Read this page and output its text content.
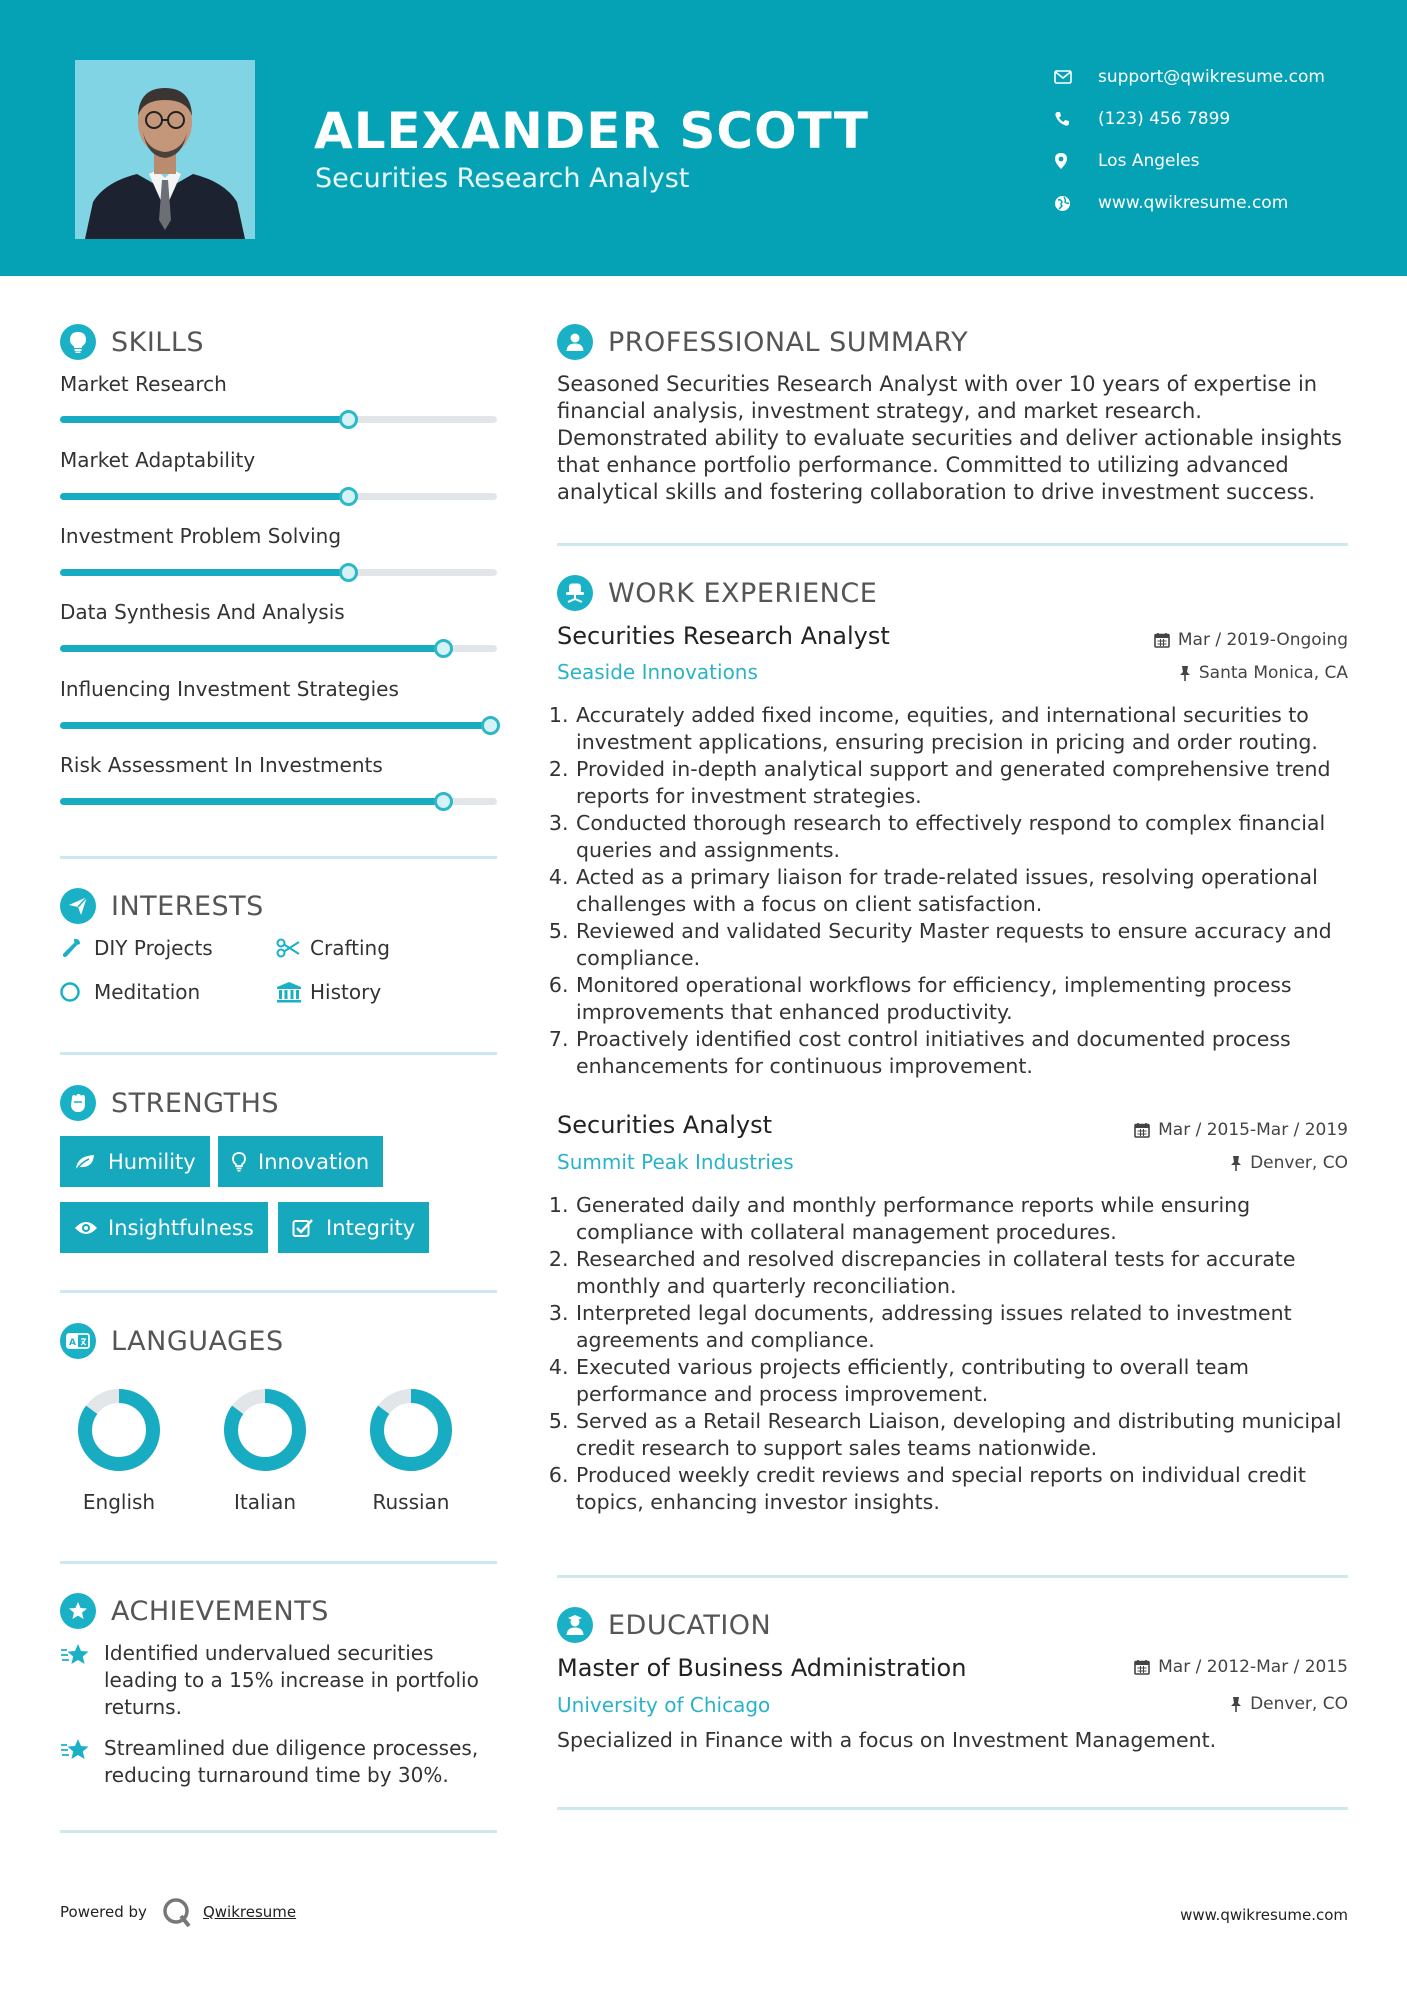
ALEXANDER SCOTT
Securities Research Analyst
support@qwikresume.com
(123) 456 7899
Los Angeles
www.qwikresume.com
SKILLS
Market Research
Market Adaptability
Investment Problem Solving
Data Synthesis And Analysis
Influencing Investment Strategies
Risk Assessment In Investments
INTERESTS
DIY Projects	Crafting
Meditation	History
STRENGTHS
Humility	Innovation
Insightfulness	Integrity
A LANGUAGES
English	Italian	Russian
ACHIEVEMENTS
Identified undervalued securities leading to a 15% increase in portfolio returns.
Streamlined due diligence processes, reducing turnaround time by 30%.
PROFESSIONAL SUMMARY
Seasoned Securities Research Analyst with over 10 years of expertise in financial analysis, investment strategy, and market research. Demonstrated ability to evaluate securities and deliver actionable insights that enhance portfolio performance. Committed to utilizing advanced analytical skills and fostering collaboration to drive investment success.
WORK EXPERIENCE
Securities Research Analyst	Mar / 2019-Ongoing
Seaside Innovations	Santa Monica, CA
1. Accurately added fixed income, equities, and international securities to investment applications, ensuring precision in pricing and order routing.
2. Provided in-depth analytical support and generated comprehensive trend reports for investment strategies.
3. Conducted thorough research to effectively respond to complex financial queries and assignments.
4. Acted as a primary liaison for trade-related issues, resolving operational challenges with a focus on client satisfaction.
5. Reviewed and validated Security Master requests to ensure accuracy and compliance.
6. Monitored operational workflows for efficiency, implementing process improvements that enhanced productivity.
7. Proactively identified cost control initiatives and documented process enhancements for continuous improvement.
Securities Analyst	Mar / 2015-Mar / 2019
Summit Peak Industries	Denver, CO
1. Generated daily and monthly performance reports while ensuring compliance with collateral management procedures.
2. Researched and resolved discrepancies in collateral tests for accurate monthly and quarterly reconciliation.
3. Interpreted legal documents, addressing issues related to investment agreements and compliance.
4. Executed various projects efficiently, contributing to overall team performance and process improvement.
5. Served as a Retail Research Liaison, developing and distributing municipal credit research to support sales teams nationwide.
6. Produced weekly credit reviews and special reports on individual credit topics, enhancing investor insights.
EDUCATION
Master of Business Administration	Mar / 2012-Mar / 2015
University of Chicago	Denver, CO
Specialized in Finance with a focus on Investment Management.
Powered by	Qwikresume	www.qwikresume.com
